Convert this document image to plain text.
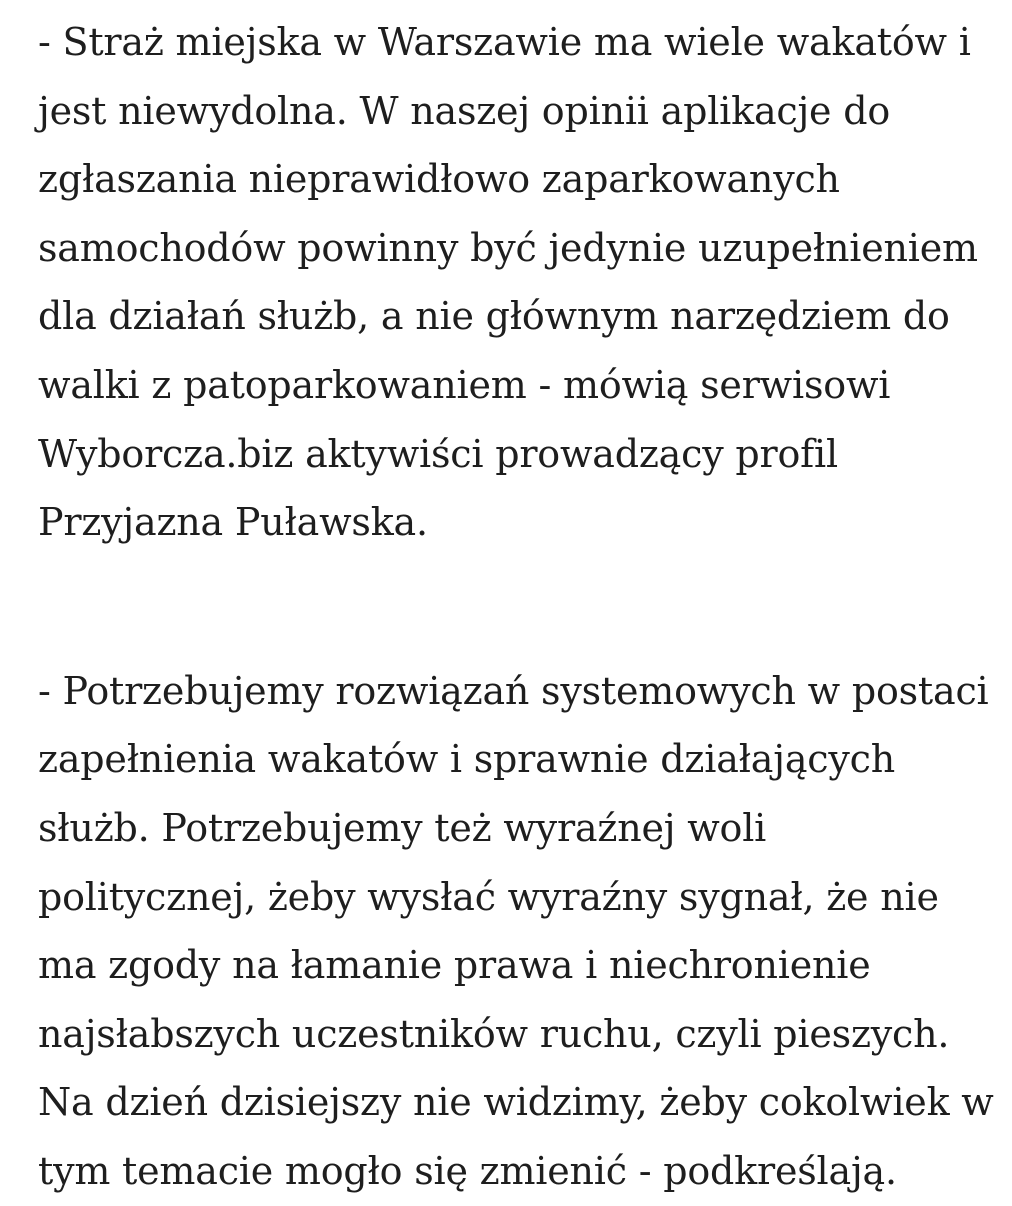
- Straż miejska w Warszawie ma wiele wakatów i
jest niewydolna. W naszej opinii aplikacje do
zgłaszania nieprawidłowo zaparkowanych
samochodów powinny być jedynie uzupełnieniem
dla działań służb, a nie głównym narzędziem do
walki z patoparkowaniem - mówią serwisowi
Wyborcza.biz aktywiści prowadzący profil
Przyjazna Puławska.
- Potrzebujemy rozwiązań systemowych w postaci
zapełnienia wakatów i sprawnie działających
służb. Potrzebujemy też wyraźnej woli
politycznej, żeby wysłać wyraźny sygnał, że nie
ma zgody na łamanie prawa i niechronienie
najsłabszych uczestników ruchu, czyli pieszych.
Na dzień dzisiejszy nie widzimy, żeby cokolwiek w
tym temacie mogło się zmienić - podkreślają.
